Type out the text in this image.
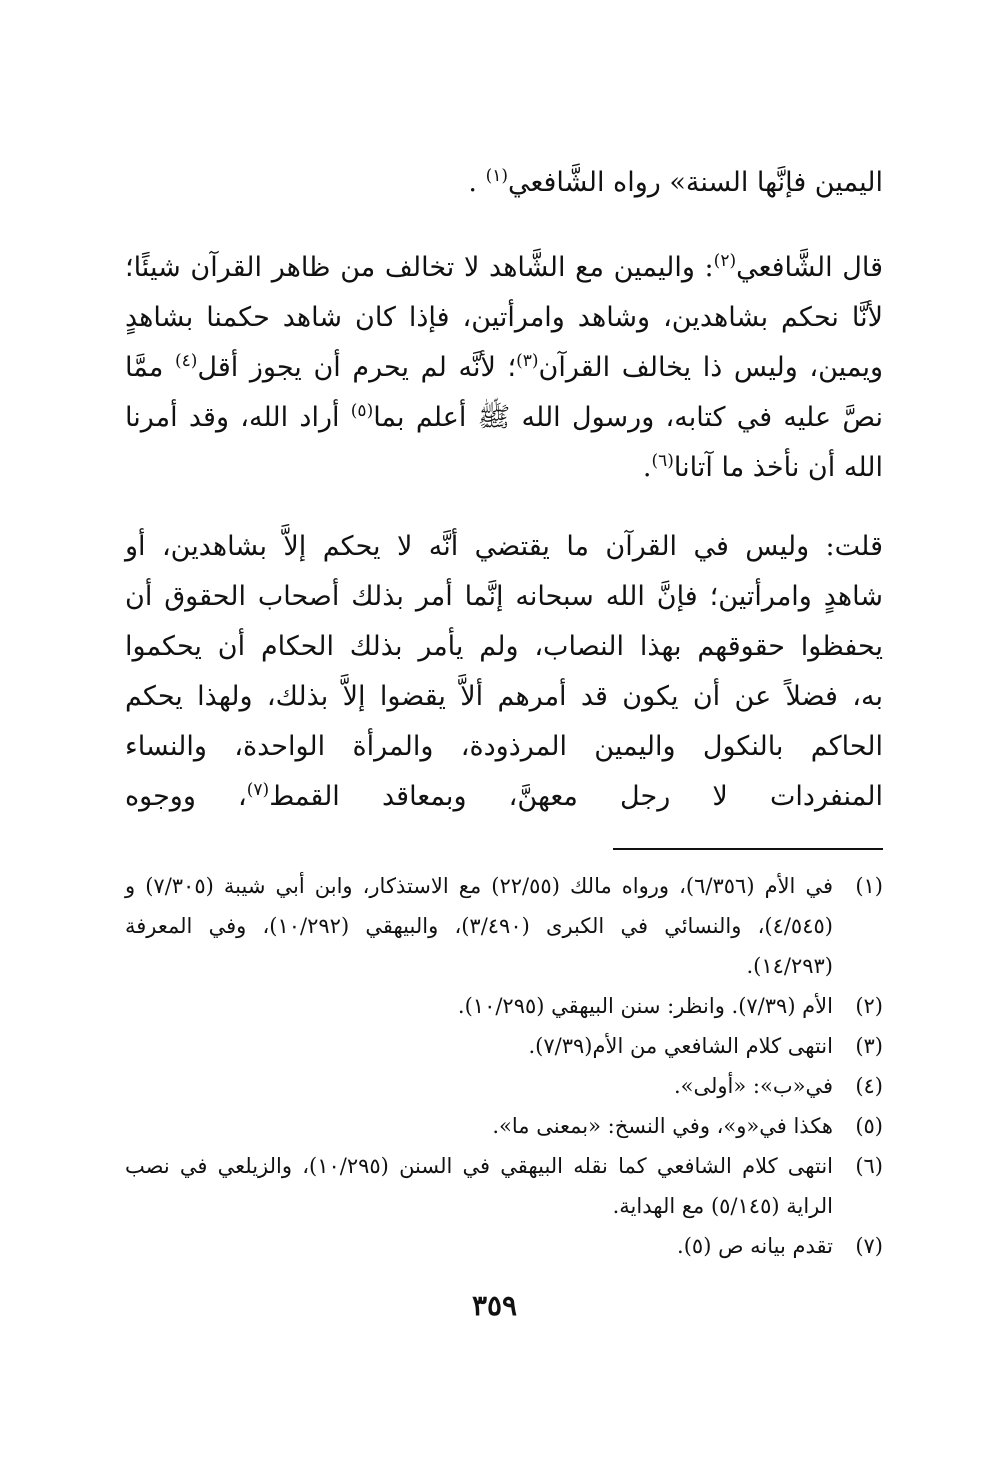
اليمين فإنَّها السنة» رواه الشَّافعي$^{(١)}$ .

قال الشَّافعي$^{(٢)}$: واليمين مع الشَّاهد لا تخالف من ظاهر القرآن شيئًا؛ لأنَّا نحكم بشاهدين، وشاهد وامرأتين، فإذا كان شاهد حكمنا بشاهدٍ ويمين، وليس ذا يخالف القرآن$^{(٣)}$؛ لأنَّه لم يحرم أن يجوز أقل$^{(٤)}$ ممَّا نصَّ عليه في كتابه، ورسول الله ﷺ أعلم بما$^{(٥)}$ أراد الله، وقد أمرنا الله أن نأخذ ما آتانا$^{(٦)}$.

قلت: وليس في القرآن ما يقتضي أنَّه لا يحكم إلاَّ بشاهدين، أو
شاهدٍ وامرأتين؛ فإنَّ الله سبحانه إنَّما أمر بذلك أصحاب الحقوق أن
يحفظوا حقوقهم بهذا النصاب، ولم يأمر بذلك الحكام أن يحكموا
به، فضلاً عن أن يكون قد أمرهم ألاَّ يقضوا إلاَّ بذلك، ولهذا يحكم
الحاكم بالنكول واليمين المرذودة، والمرأة الواحدة، والنساء
المنفردات لا رجل معهنَّ، وبمعاقد القمط$^{(٧)}$، ووجوه
(١)
في الأم (٦/٣٥٦)، ورواه مالك (٢٢/٥٥) مع الاستذكار، وابن أبي شيبة (٧/٣٠٥) و (٤/٥٤٥)، والنسائي في الكبرى (٣/٤٩٠)، والبيهقي (١٠/٢٩٢)، وفي المعرفة (١٤/٢٩٣).
(٢)
الأم (٧/٣٩). وانظر: سنن البيهقي (١٠/٢٩٥).
(٣)
انتهى كلام الشافعي من الأم(٧/٣٩).
(٤)
في«ب»: «أولى».
(٥)
هكذا في«و»، وفي النسخ: «بمعنى ما».
(٦)
انتهى كلام الشافعي كما نقله البيهقي في السنن (١٠/٢٩٥)، والزيلعي في نصب الراية (٥/١٤٥) مع الهداية.
(٧)
تقدم بيانه ص (٥).
٣٥٩
